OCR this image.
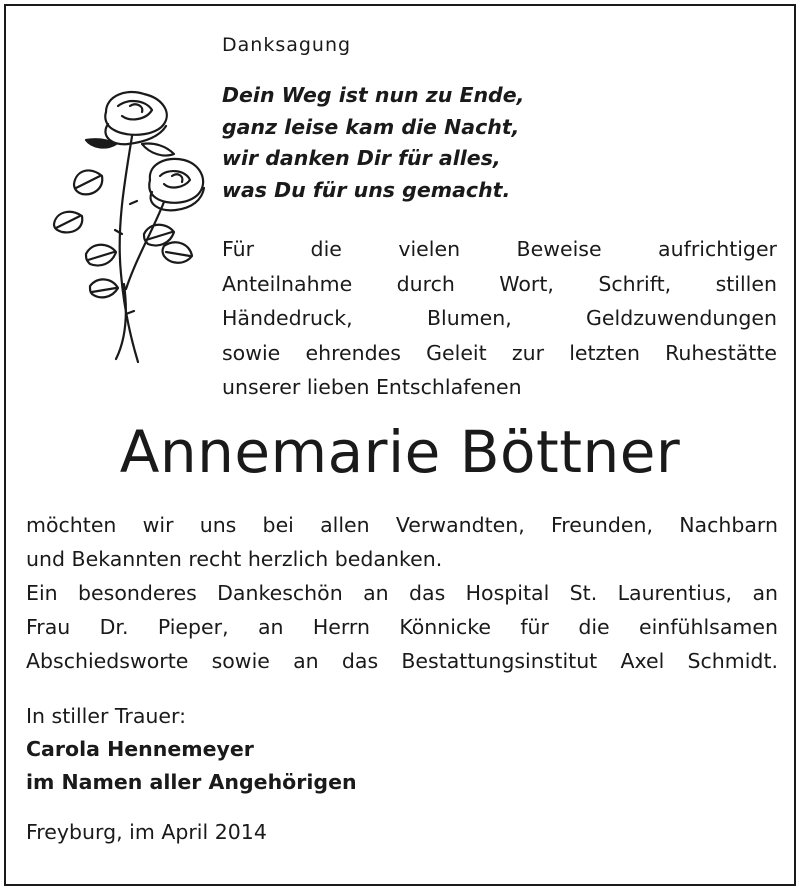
Danksagung
Dein Weg ist nun zu Ende,
ganz leise kam die Nacht,
wir danken Dir für alles,
was Du für uns gemacht.
Für die vielen Beweise aufrichtiger
Anteilnahme durch Wort, Schrift, stillen
Händedruck, Blumen, Geldzuwendungen
sowie ehrendes Geleit zur letzten Ruhestätte
unserer lieben Entschlafenen
Annemarie Böttner
möchten wir uns bei allen Verwandten, Freunden, Nachbarn
und Bekannten recht herzlich bedanken.
Ein besonderes Dankeschön an das Hospital St. Laurentius, an
Frau Dr. Pieper, an Herrn Könnicke für die einfühlsamen
Abschiedsworte sowie an das Bestattungsinstitut Axel Schmidt.
In stiller Trauer:
Carola Hennemeyer
im Namen aller Angehörigen
Freyburg, im April 2014
